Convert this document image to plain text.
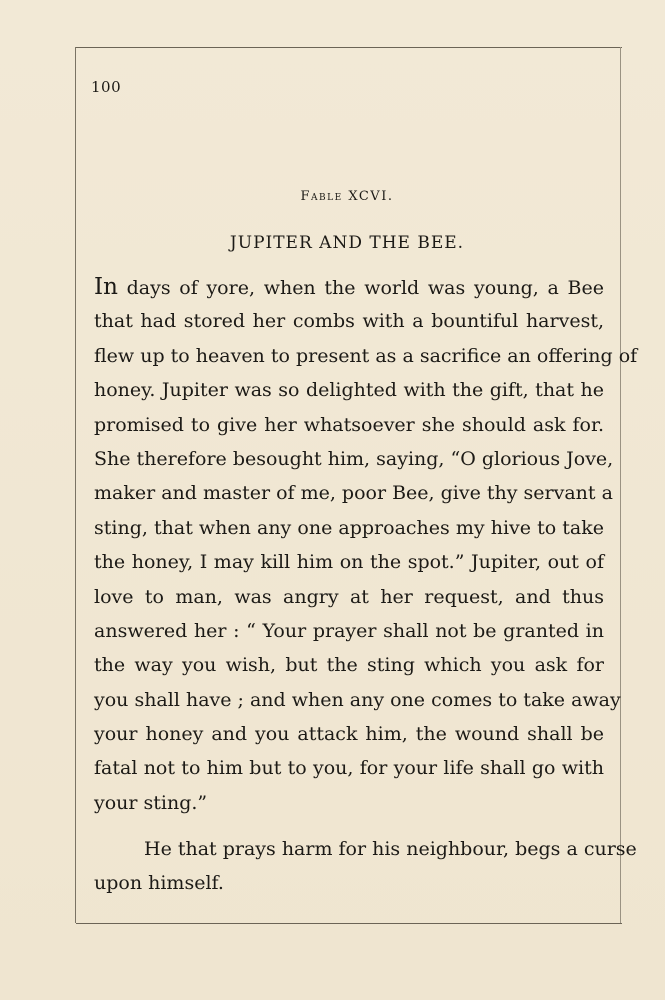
100
Fable XCVI.
JUPITER AND THE BEE.
In days of yore, when the world was young, a Bee
that had stored her combs with a bountiful harvest,
flew up to heaven to present as a sacrifice an offering of
honey. Jupiter was so delighted with the gift, that he
promised to give her whatsoever she should ask for.
She therefore besought him, saying, “O glorious Jove,
maker and master of me, poor Bee, give thy servant a
sting, that when any one approaches my hive to take
the honey, I may kill him on the spot.” Jupiter, out of
love to man, was angry at her request, and thus
answered her : “ Your prayer shall not be granted in
the way you wish, but the sting which you ask for
you shall have ; and when any one comes to take away
your honey and you attack him, the wound shall be
fatal not to him but to you, for your life shall go with
your sting.”
He that prays harm for his neighbour, begs a curse
upon himself.
